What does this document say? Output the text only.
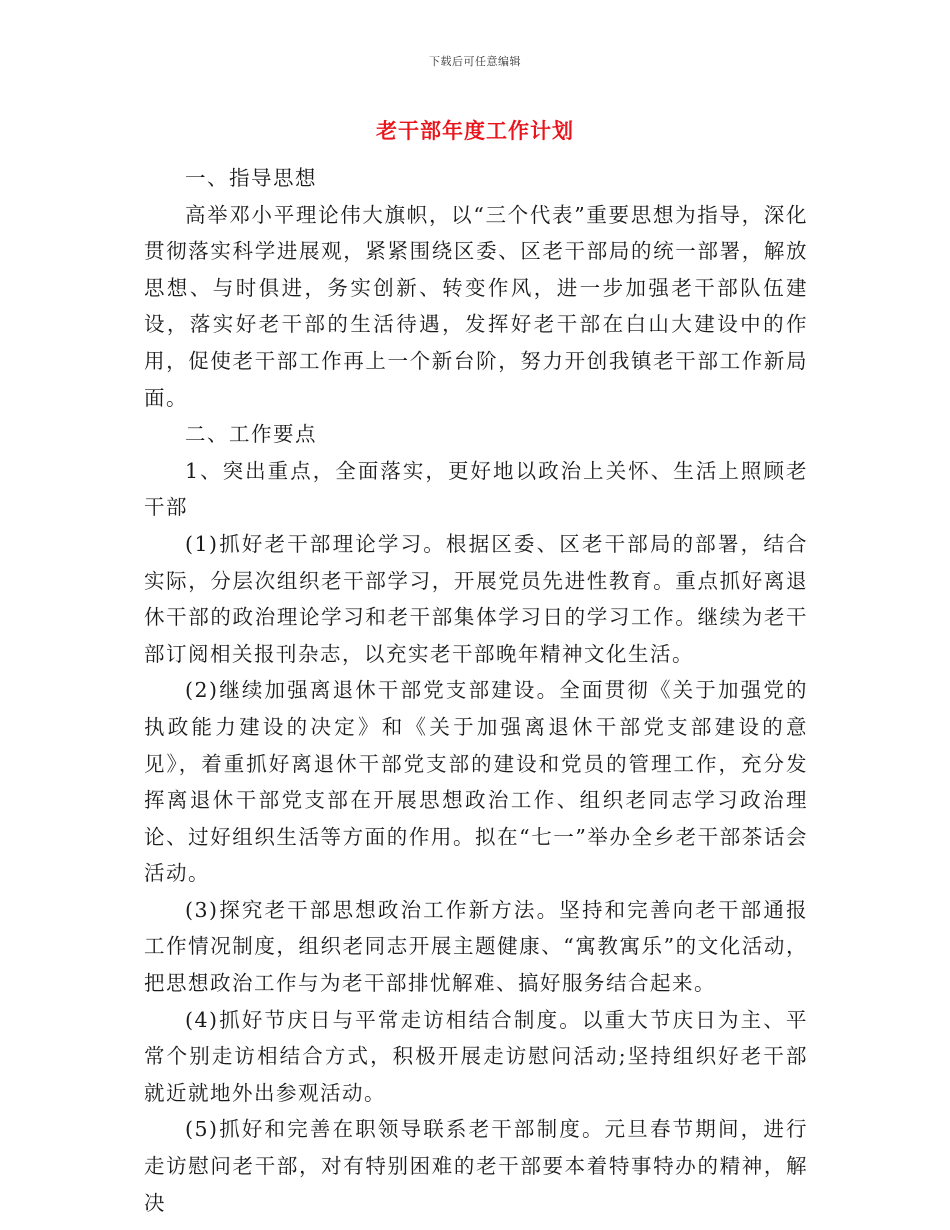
下载后可任意编辑
老干部年度工作计划

一、指导思想

高举邓小平理论伟大旗帜，以“三个代表”重要思想为指导，深化贯彻落实科学进展观，紧紧围绕区委、区老干部局的统一部署，解放思想、与时俱进，务实创新、转变作风，进一步加强老干部队伍建设，落实好老干部的生活待遇，发挥好老干部在白山大建设中的作用，促使老干部工作再上一个新台阶，努力开创我镇老干部工作新局面。

二、工作要点

1、突出重点，全面落实，更好地以政治上关怀、生活上照顾老干部

(1)抓好老干部理论学习。根据区委、区老干部局的部署，结合实际，分层次组织老干部学习，开展党员先进性教育。重点抓好离退休干部的政治理论学习和老干部集体学习日的学习工作。继续为老干部订阅相关报刊杂志，以充实老干部晚年精神文化生活。

(2)继续加强离退休干部党支部建设。全面贯彻《关于加强党的执政能力建设的决定》和《关于加强离退休干部党支部建设的意见》，着重抓好离退休干部党支部的建设和党员的管理工作，充分发挥离退休干部党支部在开展思想政治工作、组织老同志学习政治理论、过好组织生活等方面的作用。拟在“七一”举办全乡老干部茶话会活动。

(3)探究老干部思想政治工作新方法。坚持和完善向老干部通报工作情况制度，组织老同志开展主题健康、“寓教寓乐”的文化活动，把思想政治工作与为老干部排忧解难、搞好服务结合起来。

(4)抓好节庆日与平常走访相结合制度。以重大节庆日为主、平常个别走访相结合方式，积极开展走访慰问活动;坚持组织好老干部就近就地外出参观活动。

(5)抓好和完善在职领导联系老干部制度。元旦春节期间，进行走访慰问老干部，对有特别困难的老干部要本着特事特办的精神，解决
